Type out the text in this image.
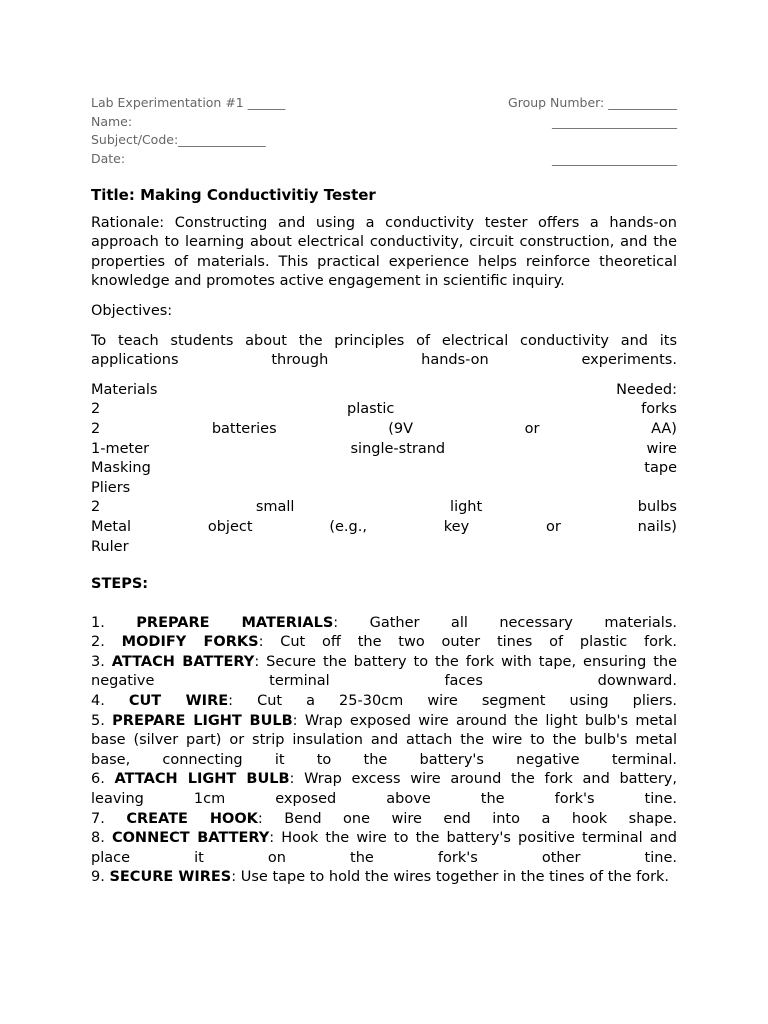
Lab Experimentation #1 ______	Group Number: ___________
Name:	____________________
Subject/Code:______________
Date:	____________________

Title: Making Conductivitiy Tester

Rationale: Constructing and using a conductivity tester offers a hands-on approach to learning about electrical conductivity, circuit construction, and the properties of materials. This practical experience helps reinforce theoretical knowledge and promotes active engagement in scientific inquiry.

Objectives:

To teach students about the principles of electrical conductivity and its

applications	through	hands-on	experiments.
Materials	Needed:
2	plastic	forks
2	batteries	(9V	or	AA)
1-meter	single-strand	wire
Masking	tape
Pliers
2	small	light	bulbs
Metal	object	(e.g.,	key	or	nails)
Ruler

STEPS:

1. PREPARE MATERIALS: Gather all necessary materials.

2. MODIFY FORKS: Cut off the two outer tines of plastic fork.

3. ATTACH BATTERY: Secure the battery to the fork with tape, ensuring the negative terminal faces downward.

4. CUT WIRE: Cut a 25-30cm wire segment using pliers.

5. PREPARE LIGHT BULB: Wrap exposed wire around the light bulb's metal base (silver part) or strip insulation and attach the wire to the bulb's metal base, connecting it to the battery's negative terminal.

6. ATTACH LIGHT BULB: Wrap excess wire around the fork and battery, leaving 1cm exposed above the fork's tine.

7. CREATE HOOK: Bend one wire end into a hook shape.

8. CONNECT BATTERY: Hook the wire to the battery's positive terminal and place it on the fork's other tine.

9. SECURE WIRES: Use tape to hold the wires together in the tines of the fork.
